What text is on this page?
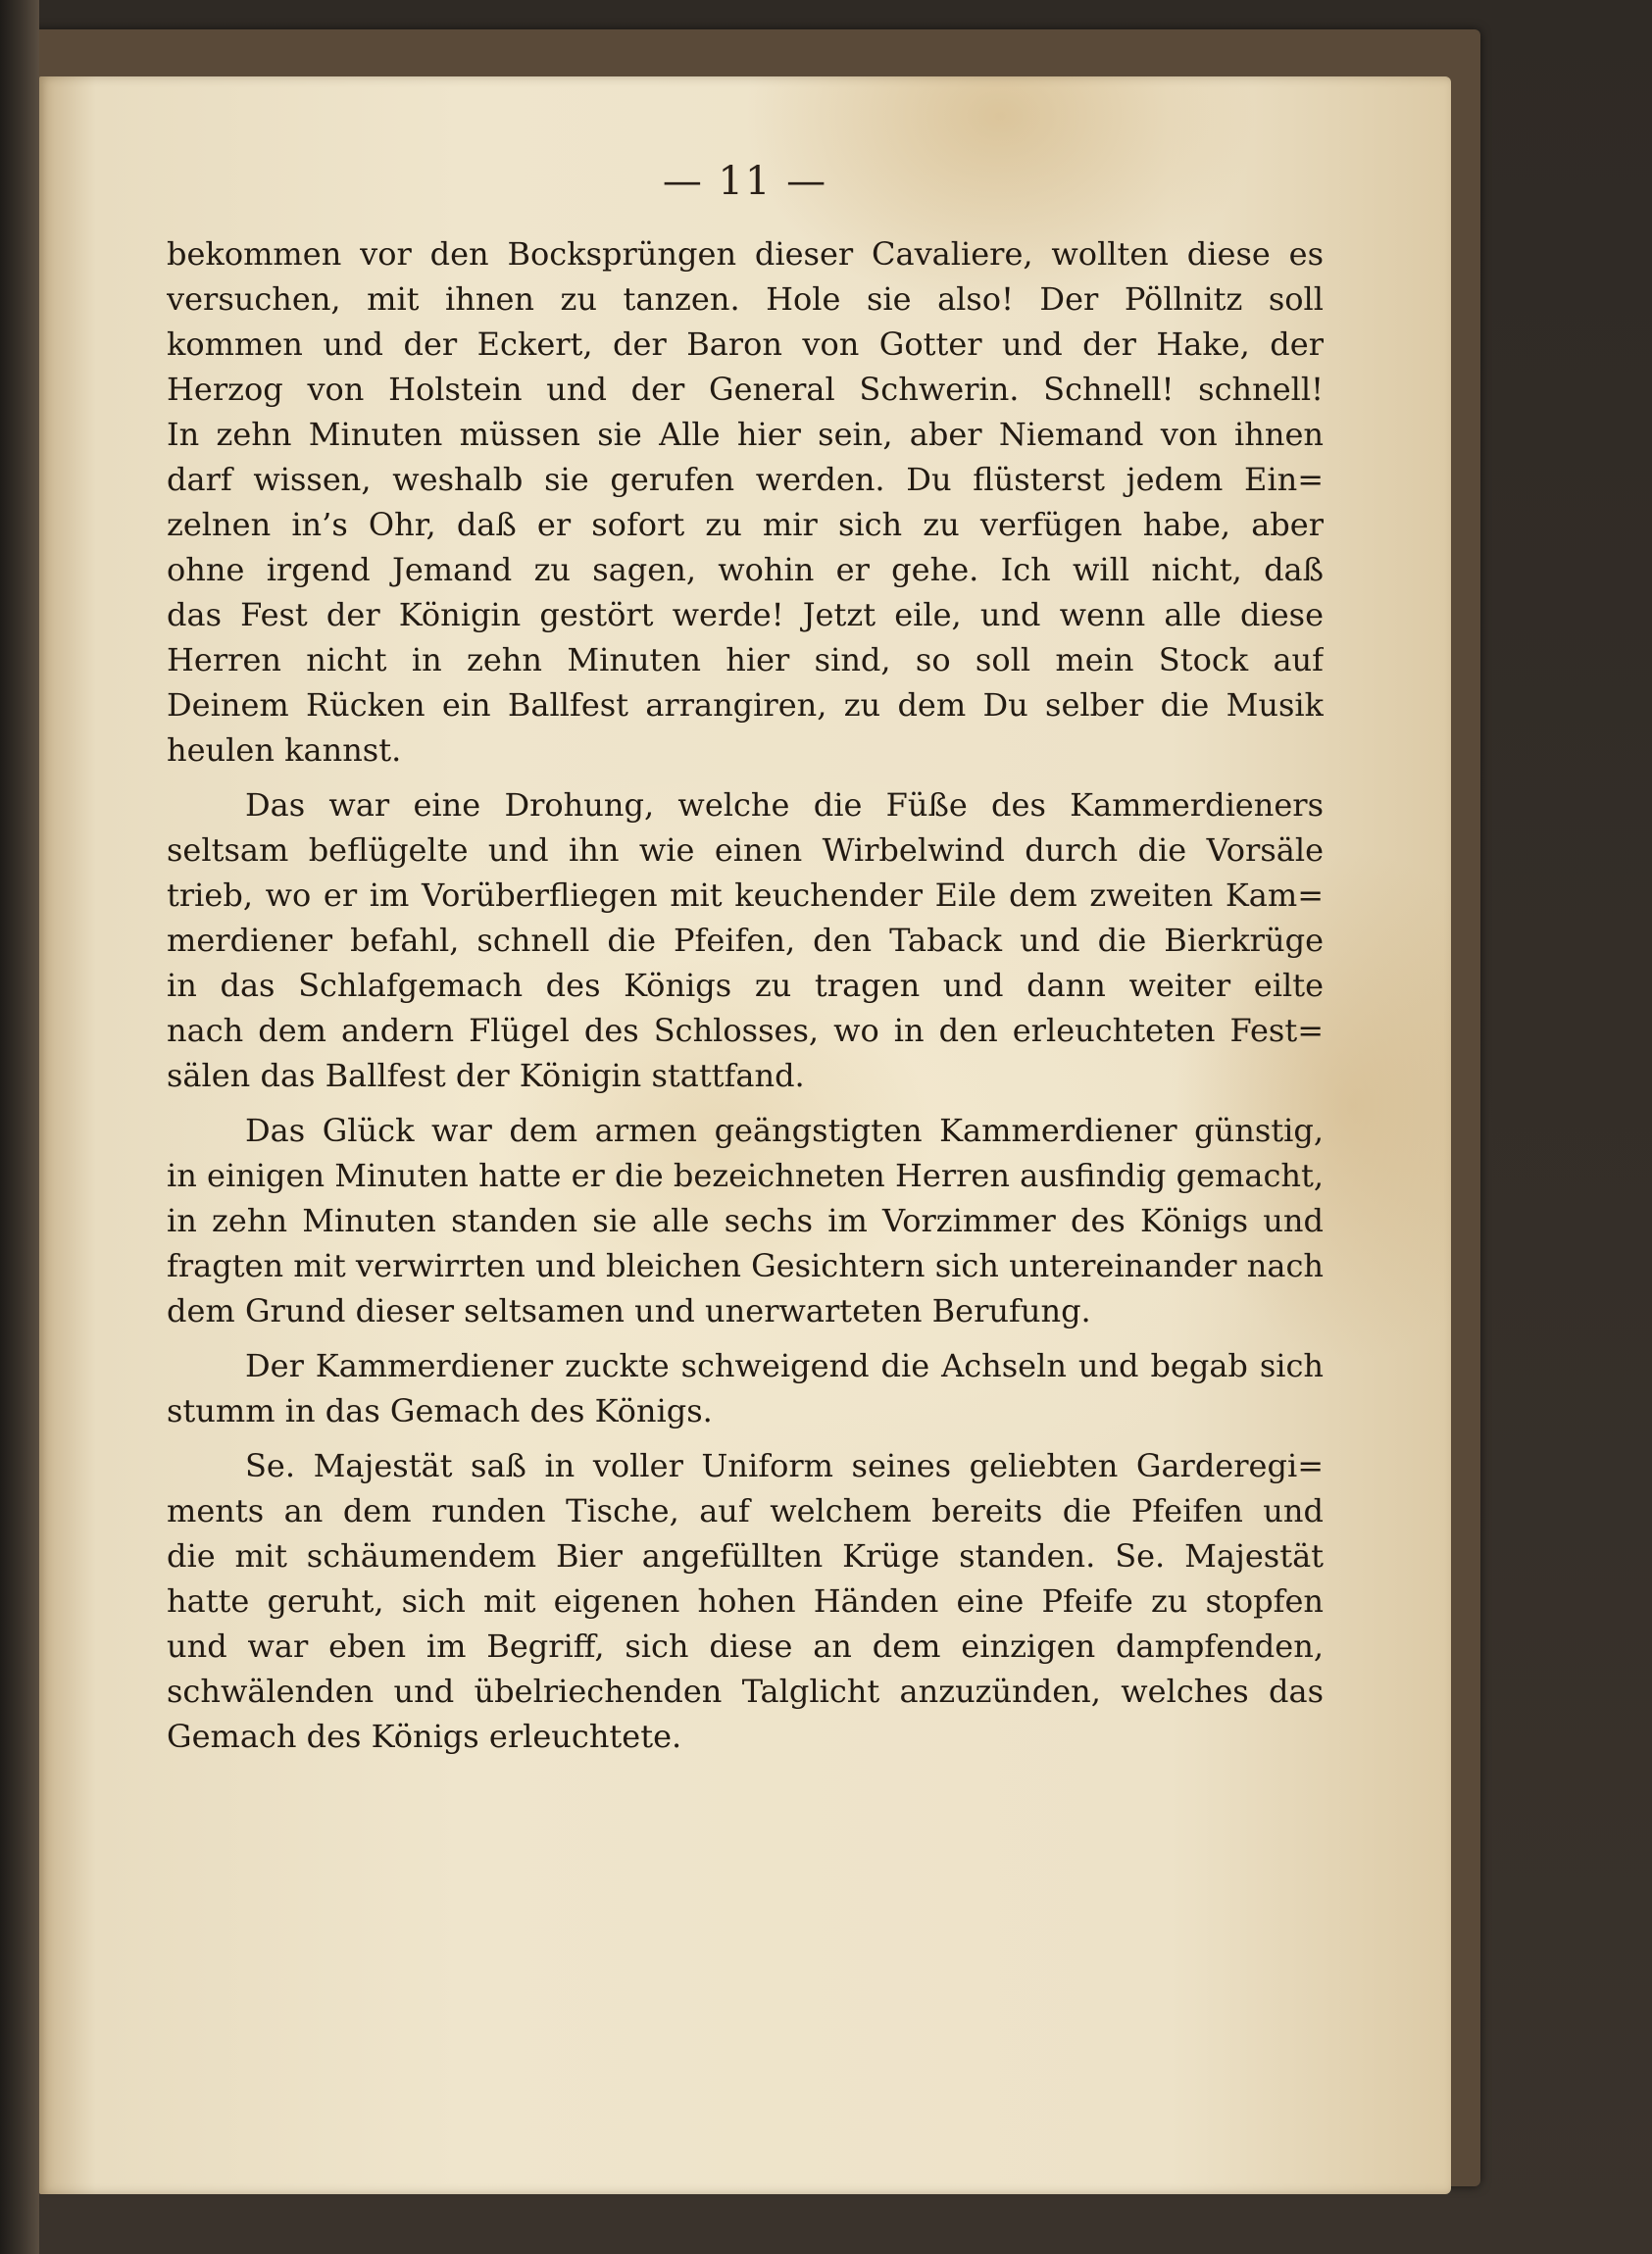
— 11 —
bekommen vor den Bocksprüngen dieser Cavaliere, wollten diese es
versuchen, mit ihnen zu tanzen. Hole sie also! Der Pöllnitz soll
kommen und der Eckert, der Baron von Gotter und der Hake, der
Herzog von Holstein und der General Schwerin. Schnell! schnell!
In zehn Minuten müssen sie Alle hier sein, aber Niemand von ihnen
darf wissen, weshalb sie gerufen werden. Du flüsterst jedem Ein=
zelnen in’s Ohr, daß er sofort zu mir sich zu verfügen habe, aber
ohne irgend Jemand zu sagen, wohin er gehe. Ich will nicht, daß
das Fest der Königin gestört werde! Jetzt eile, und wenn alle diese
Herren nicht in zehn Minuten hier sind, so soll mein Stock auf
Deinem Rücken ein Ballfest arrangiren, zu dem Du selber die Musik
heulen kannst.
Das war eine Drohung, welche die Füße des Kammerdieners
seltsam beflügelte und ihn wie einen Wirbelwind durch die Vorsäle
trieb, wo er im Vorüberfliegen mit keuchender Eile dem zweiten Kam=
merdiener befahl, schnell die Pfeifen, den Taback und die Bierkrüge
in das Schlafgemach des Königs zu tragen und dann weiter eilte
nach dem andern Flügel des Schlosses, wo in den erleuchteten Fest=
sälen das Ballfest der Königin stattfand.
Das Glück war dem armen geängstigten Kammerdiener günstig,
in einigen Minuten hatte er die bezeichneten Herren ausfindig gemacht,
in zehn Minuten standen sie alle sechs im Vorzimmer des Königs und
fragten mit verwirrten und bleichen Gesichtern sich untereinander nach
dem Grund dieser seltsamen und unerwarteten Berufung.
Der Kammerdiener zuckte schweigend die Achseln und begab sich
stumm in das Gemach des Königs.
Se. Majestät saß in voller Uniform seines geliebten Garderegi=
ments an dem runden Tische, auf welchem bereits die Pfeifen und
die mit schäumendem Bier angefüllten Krüge standen. Se. Majestät
hatte geruht, sich mit eigenen hohen Händen eine Pfeife zu stopfen
und war eben im Begriff, sich diese an dem einzigen dampfenden,
schwälenden und übelriechenden Talglicht anzuzünden, welches das
Gemach des Königs erleuchtete.
